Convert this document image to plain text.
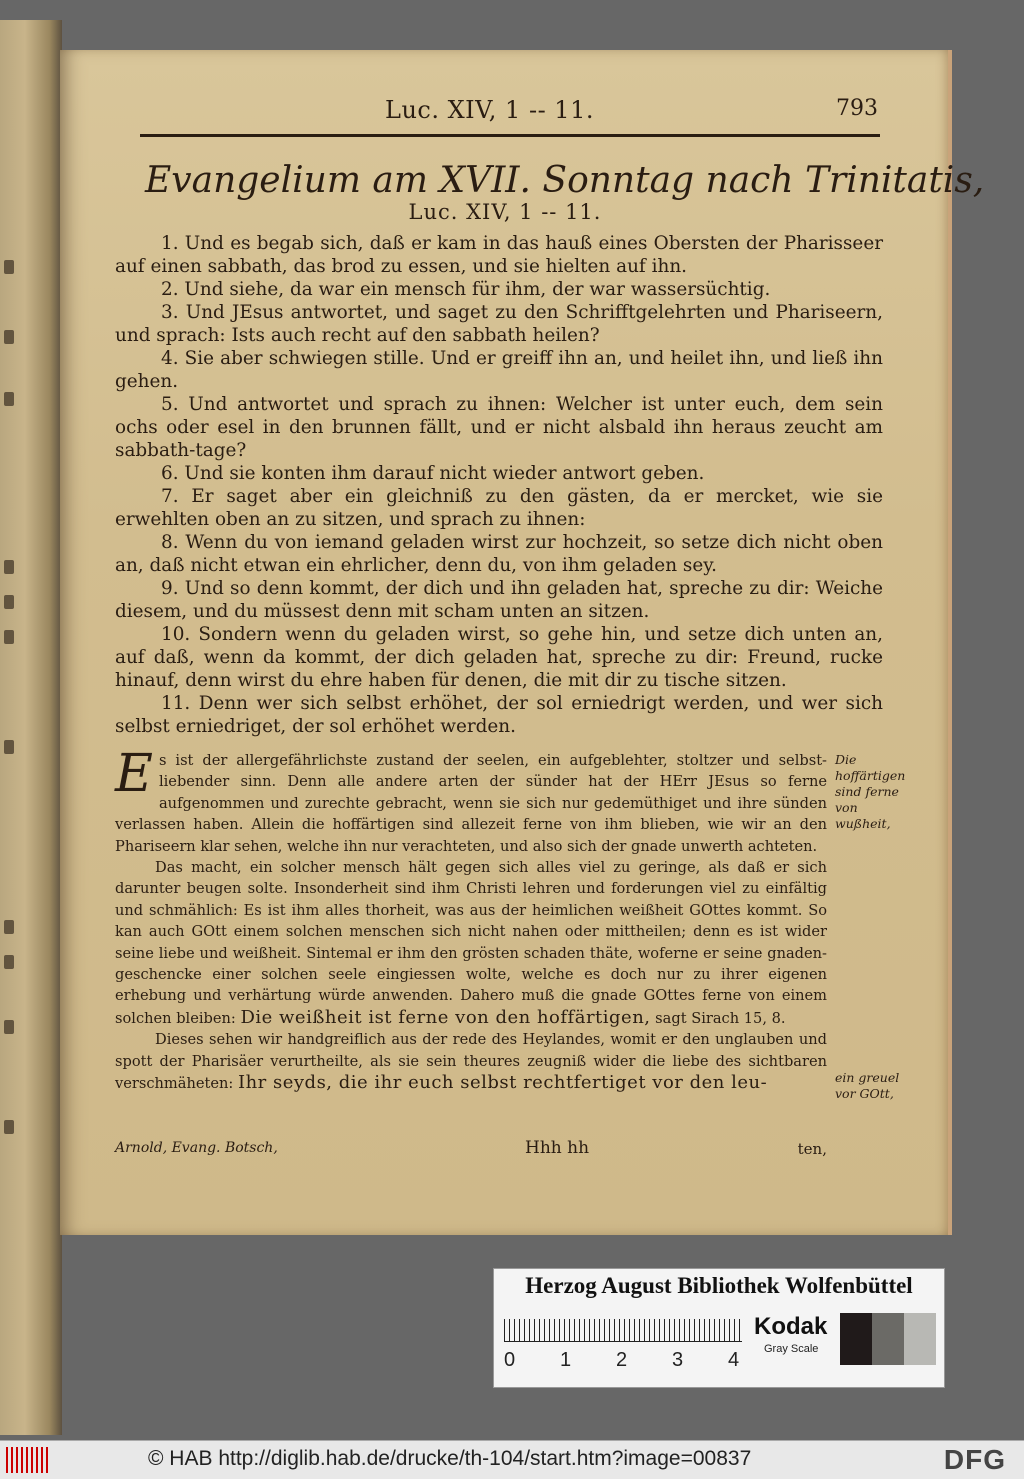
Luc. XIV, 1 -- 11.	793
Evangelium am XVII. Sonntag nach Trinitatis,
Luc. XIV, 1 -- 11.

1. Und es begab sich, daß er kam in das hauß eines Obersten der Pharisseer auf einen sabbath, das brod zu essen, und sie hielten auf ihn.

2. Und siehe, da war ein mensch für ihm, der war wassersüchtig.

3. Und JEsus antwortet, und saget zu den Schrifftgelehrten und Phariseern, und sprach: Ists auch recht auf den sabbath heilen?

4. Sie aber schwiegen stille. Und er greiff ihn an, und heilet ihn, und ließ ihn gehen.

5. Und antwortet und sprach zu ihnen: Welcher ist unter euch, dem sein ochs oder esel in den brunnen fällt, und er nicht alsbald ihn heraus zeucht am sabbath-tage?

6. Und sie konten ihm darauf nicht wieder antwort geben.

7. Er saget aber ein gleichniß zu den gästen, da er mercket, wie sie erwehlten oben an zu sitzen, und sprach zu ihnen:

8. Wenn du von iemand geladen wirst zur hochzeit, so setze dich nicht oben an, daß nicht etwan ein ehrlicher, denn du, von ihm geladen sey.

9. Und so denn kommt, der dich und ihn geladen hat, spreche zu dir: Weiche diesem, und du müssest denn mit scham unten an sitzen.

10. Sondern wenn du geladen wirst, so gehe hin, und setze dich unten an, auf daß, wenn da kommt, der dich geladen hat, spreche zu dir: Freund, rucke hinauf, denn wirst du ehre haben für denen, die mit dir zu tische sitzen.

11. Denn wer sich selbst erhöhet, der sol erniedrigt werden, und wer sich selbst erniedriget, der sol erhöhet werden.

Es ist der allergefährlichste zustand der seelen, ein aufgeblehter, stoltzer und selbst-liebender sinn. Denn alle andere arten der sünder hat der HErr JEsus so ferne aufgenommen und zurechte gebracht, wenn sie sich nur gedemüthiget und ihre sünden verlassen haben. Allein die hoffärtigen sind allezeit ferne von ihm blieben, wie wir an den Phariseern klar sehen, welche ihn nur verachteten, und also sich der gnade unwerth achteten.

Das macht, ein solcher mensch hält gegen sich alles viel zu geringe, als daß er sich darunter beugen solte. Insonderheit sind ihm Christi lehren und forderungen viel zu einfältig und schmählich: Es ist ihm alles thorheit, was aus der heimlichen weißheit GOttes kommt. So kan auch GOtt einem solchen menschen sich nicht nahen oder mittheilen; denn es ist wider seine liebe und weißheit. Sintemal er ihm den grösten schaden thäte, woferne er seine gnaden-geschencke einer solchen seele eingiessen wolte, welche es doch nur zu ihrer eigenen erhebung und verhärtung würde anwenden. Dahero muß die gnade GOttes ferne von einem solchen bleiben: Die weißheit ist ferne von den hoffärtigen, sagt Sirach 15, 8.

Dieses sehen wir handgreiflich aus der rede des Heylandes, womit er den unglauben und spott der Pharisäer verurtheilte, als sie sein theures zeugniß wider die liebe des sichtbaren verschmäheten: Ihr seyds, die ihr euch selbst rechtfertiget vor den leu-

Die hoffärtigen sind ferne von wußheit,
ein greuel vor GOtt,
Arnold, Evang. Botsch,	Hhh hh	ten,
Herzog August Bibliothek Wolfenbüttel
0 1 2 3 4
Kodak
Gray Scale
© HAB http://diglib.hab.de/drucke/th-104/start.htm?image=00837	DFG
